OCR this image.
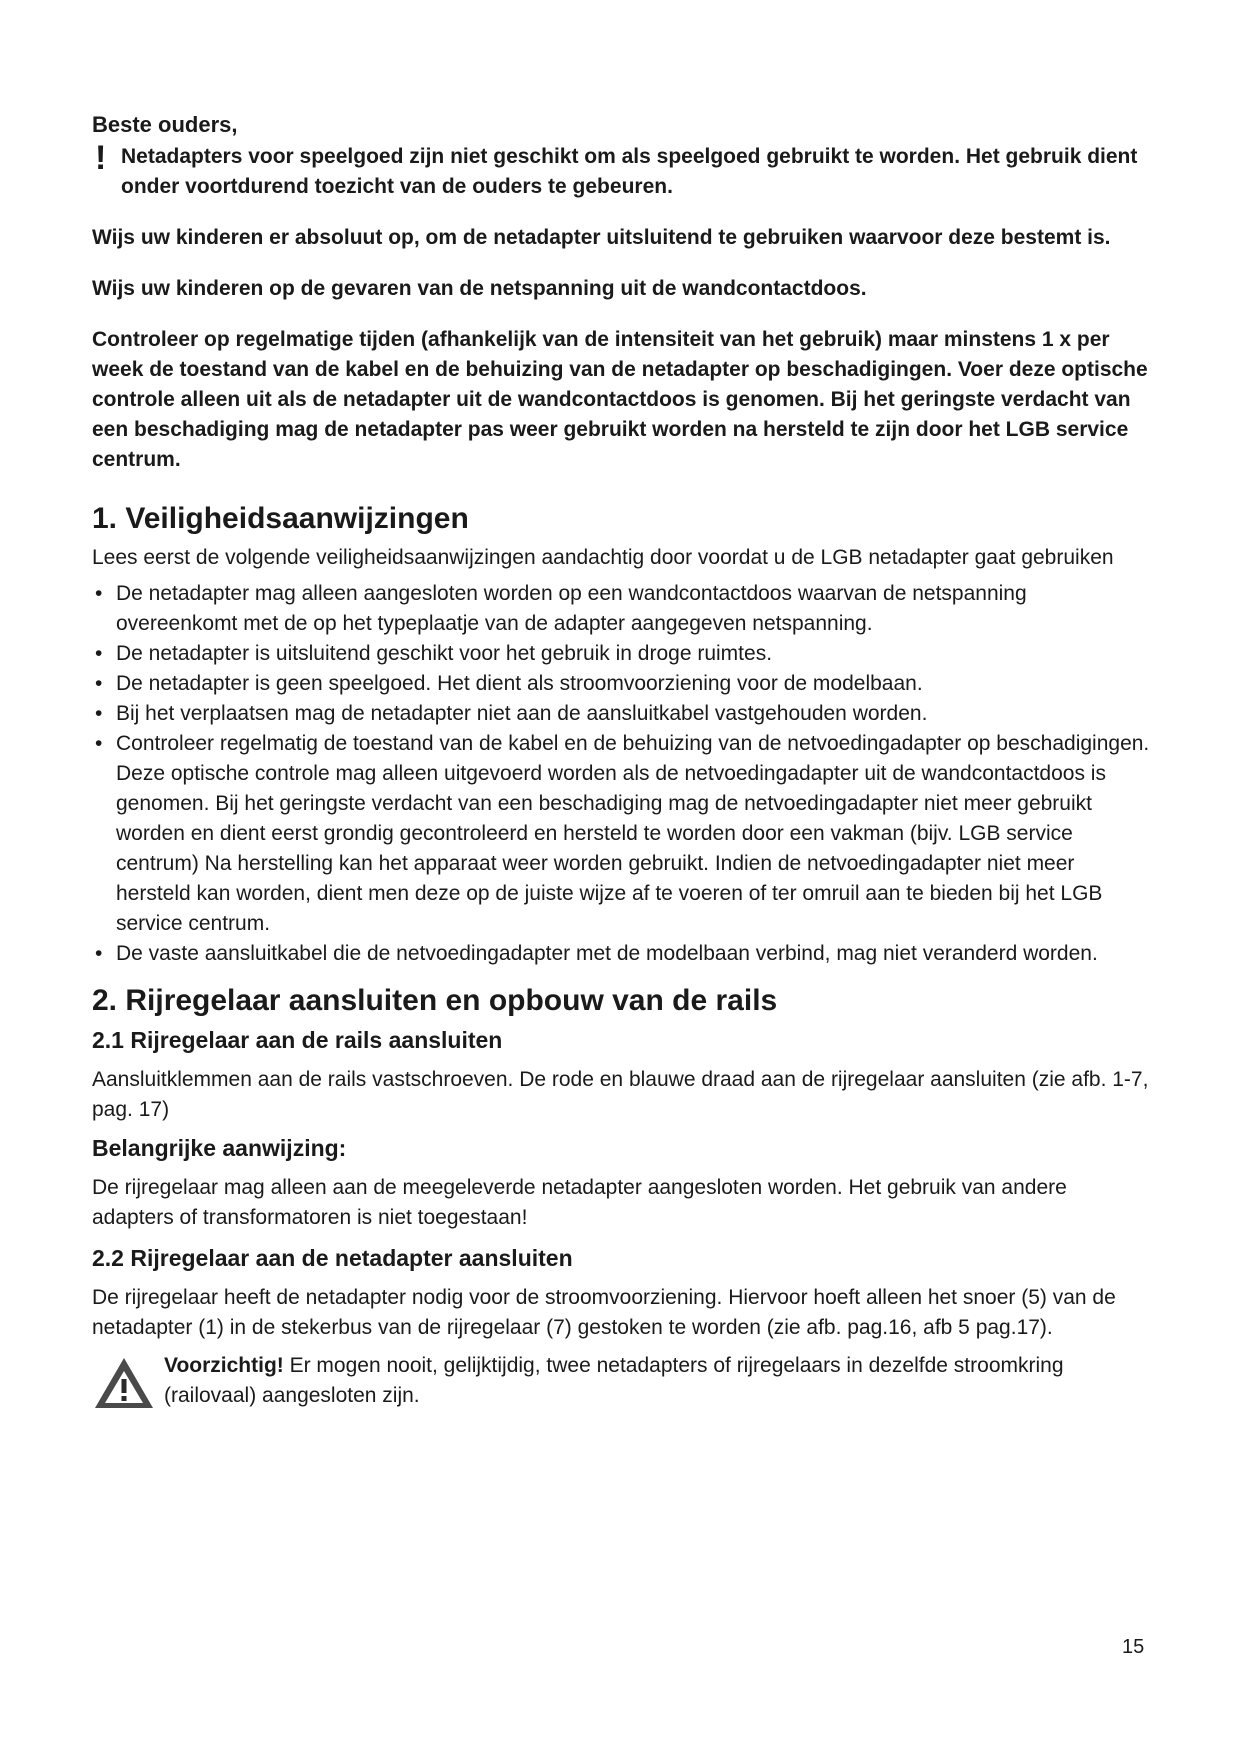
Beste ouders,

! Netadapters voor speelgoed zijn niet geschikt om als speelgoed gebruikt te worden. Het gebruik dient onder voortdurend toezicht van de ouders te gebeuren.

Wijs uw kinderen er absoluut op, om de netadapter uitsluitend te gebruiken waarvoor deze bestemt is.

Wijs uw kinderen op de gevaren van de netspanning uit de wandcontactdoos.

Controleer op regelmatige tijden (afhankelijk van de intensiteit van het gebruik) maar minstens 1 x per week de toestand van de kabel en de behuizing van de netadapter op beschadigingen. Voer deze optische controle alleen uit als de netadapter uit de wandcontactdoos is genomen. Bij het geringste verdacht van een beschadiging mag de netadapter pas weer gebruikt worden na hersteld te zijn door het LGB service centrum.

1. Veiligheidsaanwijzingen

Lees eerst de volgende veiligheidsaanwijzingen aandachtig door voordat u de LGB netadapter gaat gebruiken

• De netadapter mag alleen aangesloten worden op een wandcontactdoos waarvan de netspanning overeenkomt met de op het typeplaatje van de adapter aangegeven netspanning.
• De netadapter is uitsluitend geschikt voor het gebruik in droge ruimtes.
• De netadapter is geen speelgoed. Het dient als stroomvoorziening voor de modelbaan.
• Bij het verplaatsen mag de netadapter niet aan de aansluitkabel vastgehouden worden.
• Controleer regelmatig de toestand van de kabel en de behuizing van de netvoedingadapter op beschadigingen. Deze optische controle mag alleen uitgevoerd worden als de netvoedingadapter uit de wandcontactdoos is genomen. Bij het geringste verdacht van een beschadiging mag de netvoedingadapter niet meer gebruikt worden en dient eerst grondig gecontroleerd en hersteld te worden door een vakman (bijv. LGB service centrum) Na herstelling kan het apparaat weer worden gebruikt. Indien de netvoedingadapter niet meer hersteld kan worden, dient men deze op de juiste wijze af te voeren of ter omruil aan te bieden bij het LGB service centrum.
• De vaste aansluitkabel die de netvoedingadapter met de modelbaan verbind, mag niet veranderd worden.
2. Rijregelaar aansluiten en opbouw van de rails
2.1 Rijregelaar aan de rails aansluiten

Aansluitklemmen aan de rails vastschroeven. De rode en blauwe draad aan de rijregelaar aansluiten (zie afb. 1-7, pag. 17)

Belangrijke aanwijzing:

De rijregelaar mag alleen aan de meegeleverde netadapter aangesloten worden. Het gebruik van andere adapters of transformatoren is niet toegestaan!

2.2 Rijregelaar aan de netadapter aansluiten

De rijregelaar heeft de netadapter nodig voor de stroomvoorziening. Hiervoor hoeft alleen het snoer (5) van de netadapter (1) in de stekerbus van de rijregelaar (7) gestoken te worden (zie afb. pag.16, afb 5 pag.17).

Voorzichtig! Er mogen nooit, gelijktijdig, twee netadapters of rijregelaars in dezelfde stroomkring (railovaal) aangesloten zijn.

15
